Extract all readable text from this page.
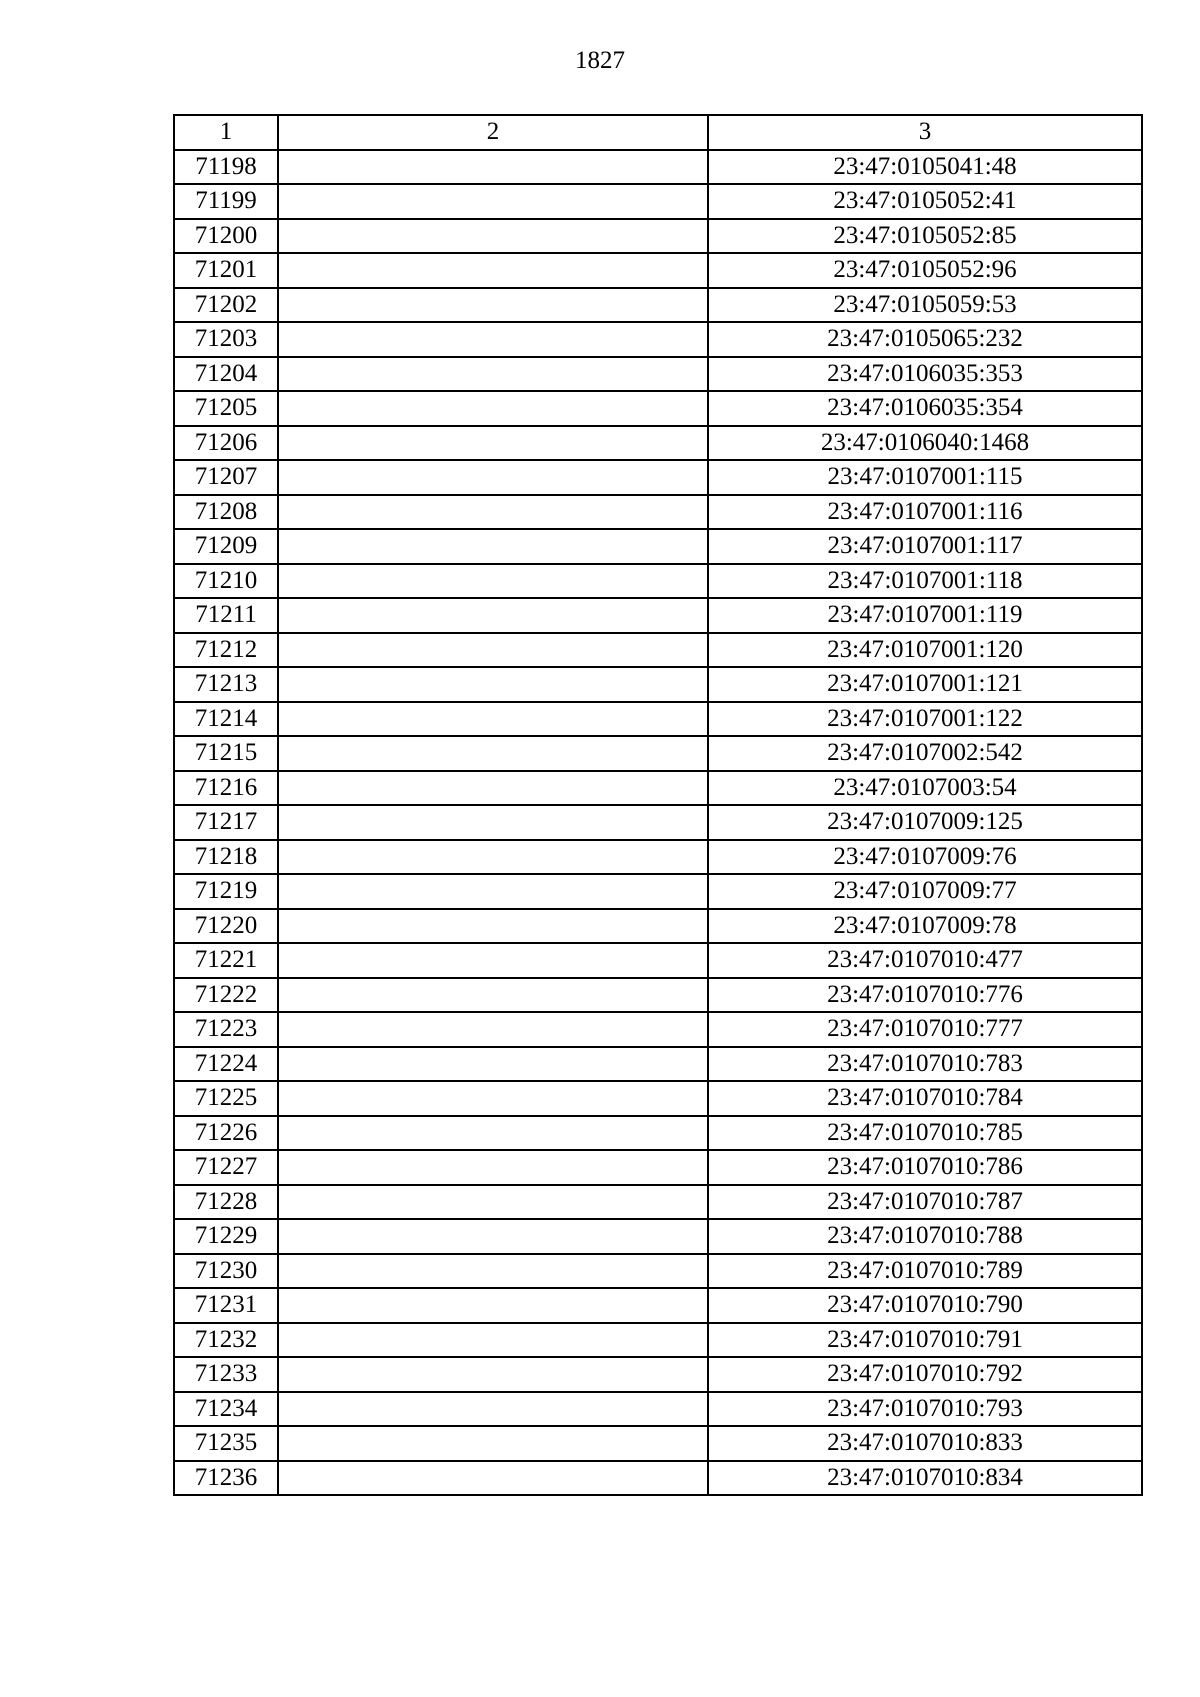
1827
1	2	3
71198		23:47:0105041:48
71199		23:47:0105052:41
71200		23:47:0105052:85
71201		23:47:0105052:96
71202		23:47:0105059:53
71203		23:47:0105065:232
71204		23:47:0106035:353
71205		23:47:0106035:354
71206		23:47:0106040:1468
71207		23:47:0107001:115
71208		23:47:0107001:116
71209		23:47:0107001:117
71210		23:47:0107001:118
71211		23:47:0107001:119
71212		23:47:0107001:120
71213		23:47:0107001:121
71214		23:47:0107001:122
71215		23:47:0107002:542
71216		23:47:0107003:54
71217		23:47:0107009:125
71218		23:47:0107009:76
71219		23:47:0107009:77
71220		23:47:0107009:78
71221		23:47:0107010:477
71222		23:47:0107010:776
71223		23:47:0107010:777
71224		23:47:0107010:783
71225		23:47:0107010:784
71226		23:47:0107010:785
71227		23:47:0107010:786
71228		23:47:0107010:787
71229		23:47:0107010:788
71230		23:47:0107010:789
71231		23:47:0107010:790
71232		23:47:0107010:791
71233		23:47:0107010:792
71234		23:47:0107010:793
71235		23:47:0107010:833
71236		23:47:0107010:834
